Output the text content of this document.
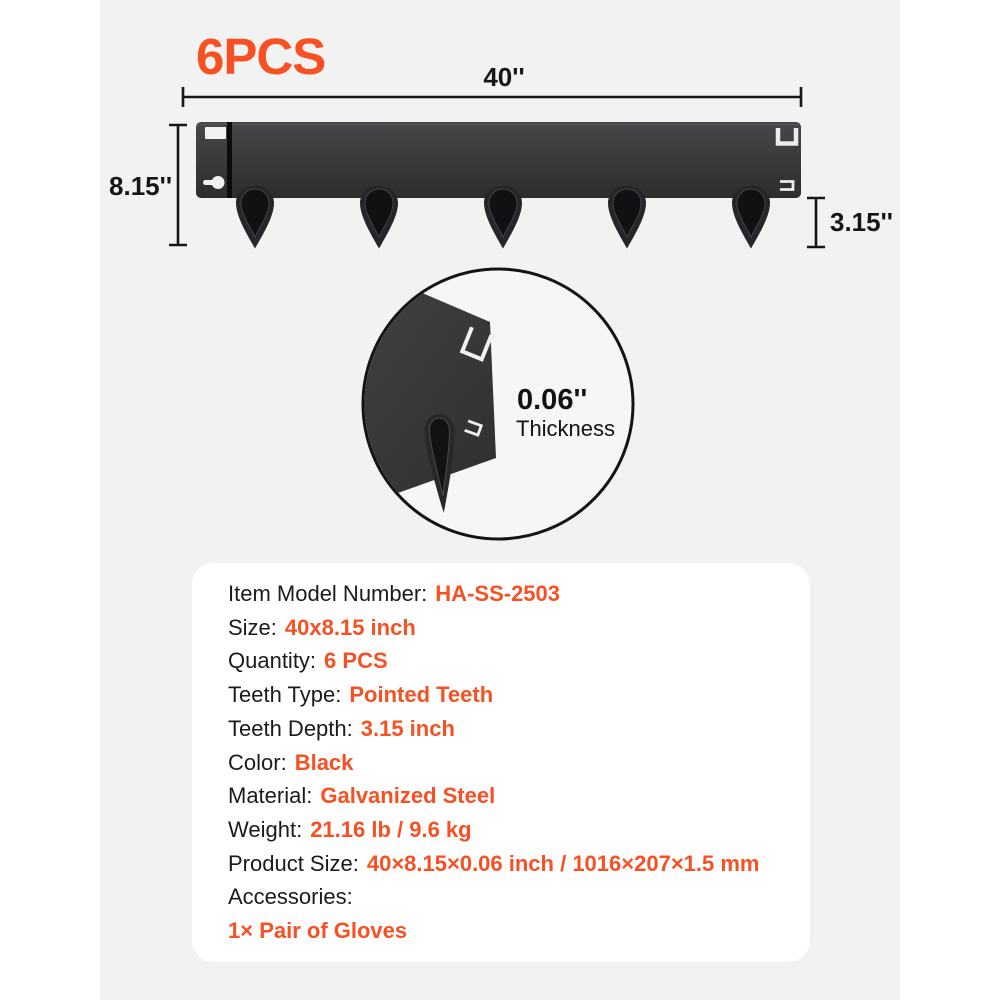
6PCS	40''
8.15''
3.15''
0.06''
Thickness
Item Model Number: HA-SS-2503
Size: 40x8.15 inch
Quantity: 6 PCS
Teeth Type: Pointed Teeth
Teeth Depth: 3.15 inch
Color: Black
Material: Galvanized Steel
Weight: 21.16 lb / 9.6 kg
Product Size: 40×8.15×0.06 inch / 1016×207×1.5 mm
Accessories:
1× Pair of Gloves
